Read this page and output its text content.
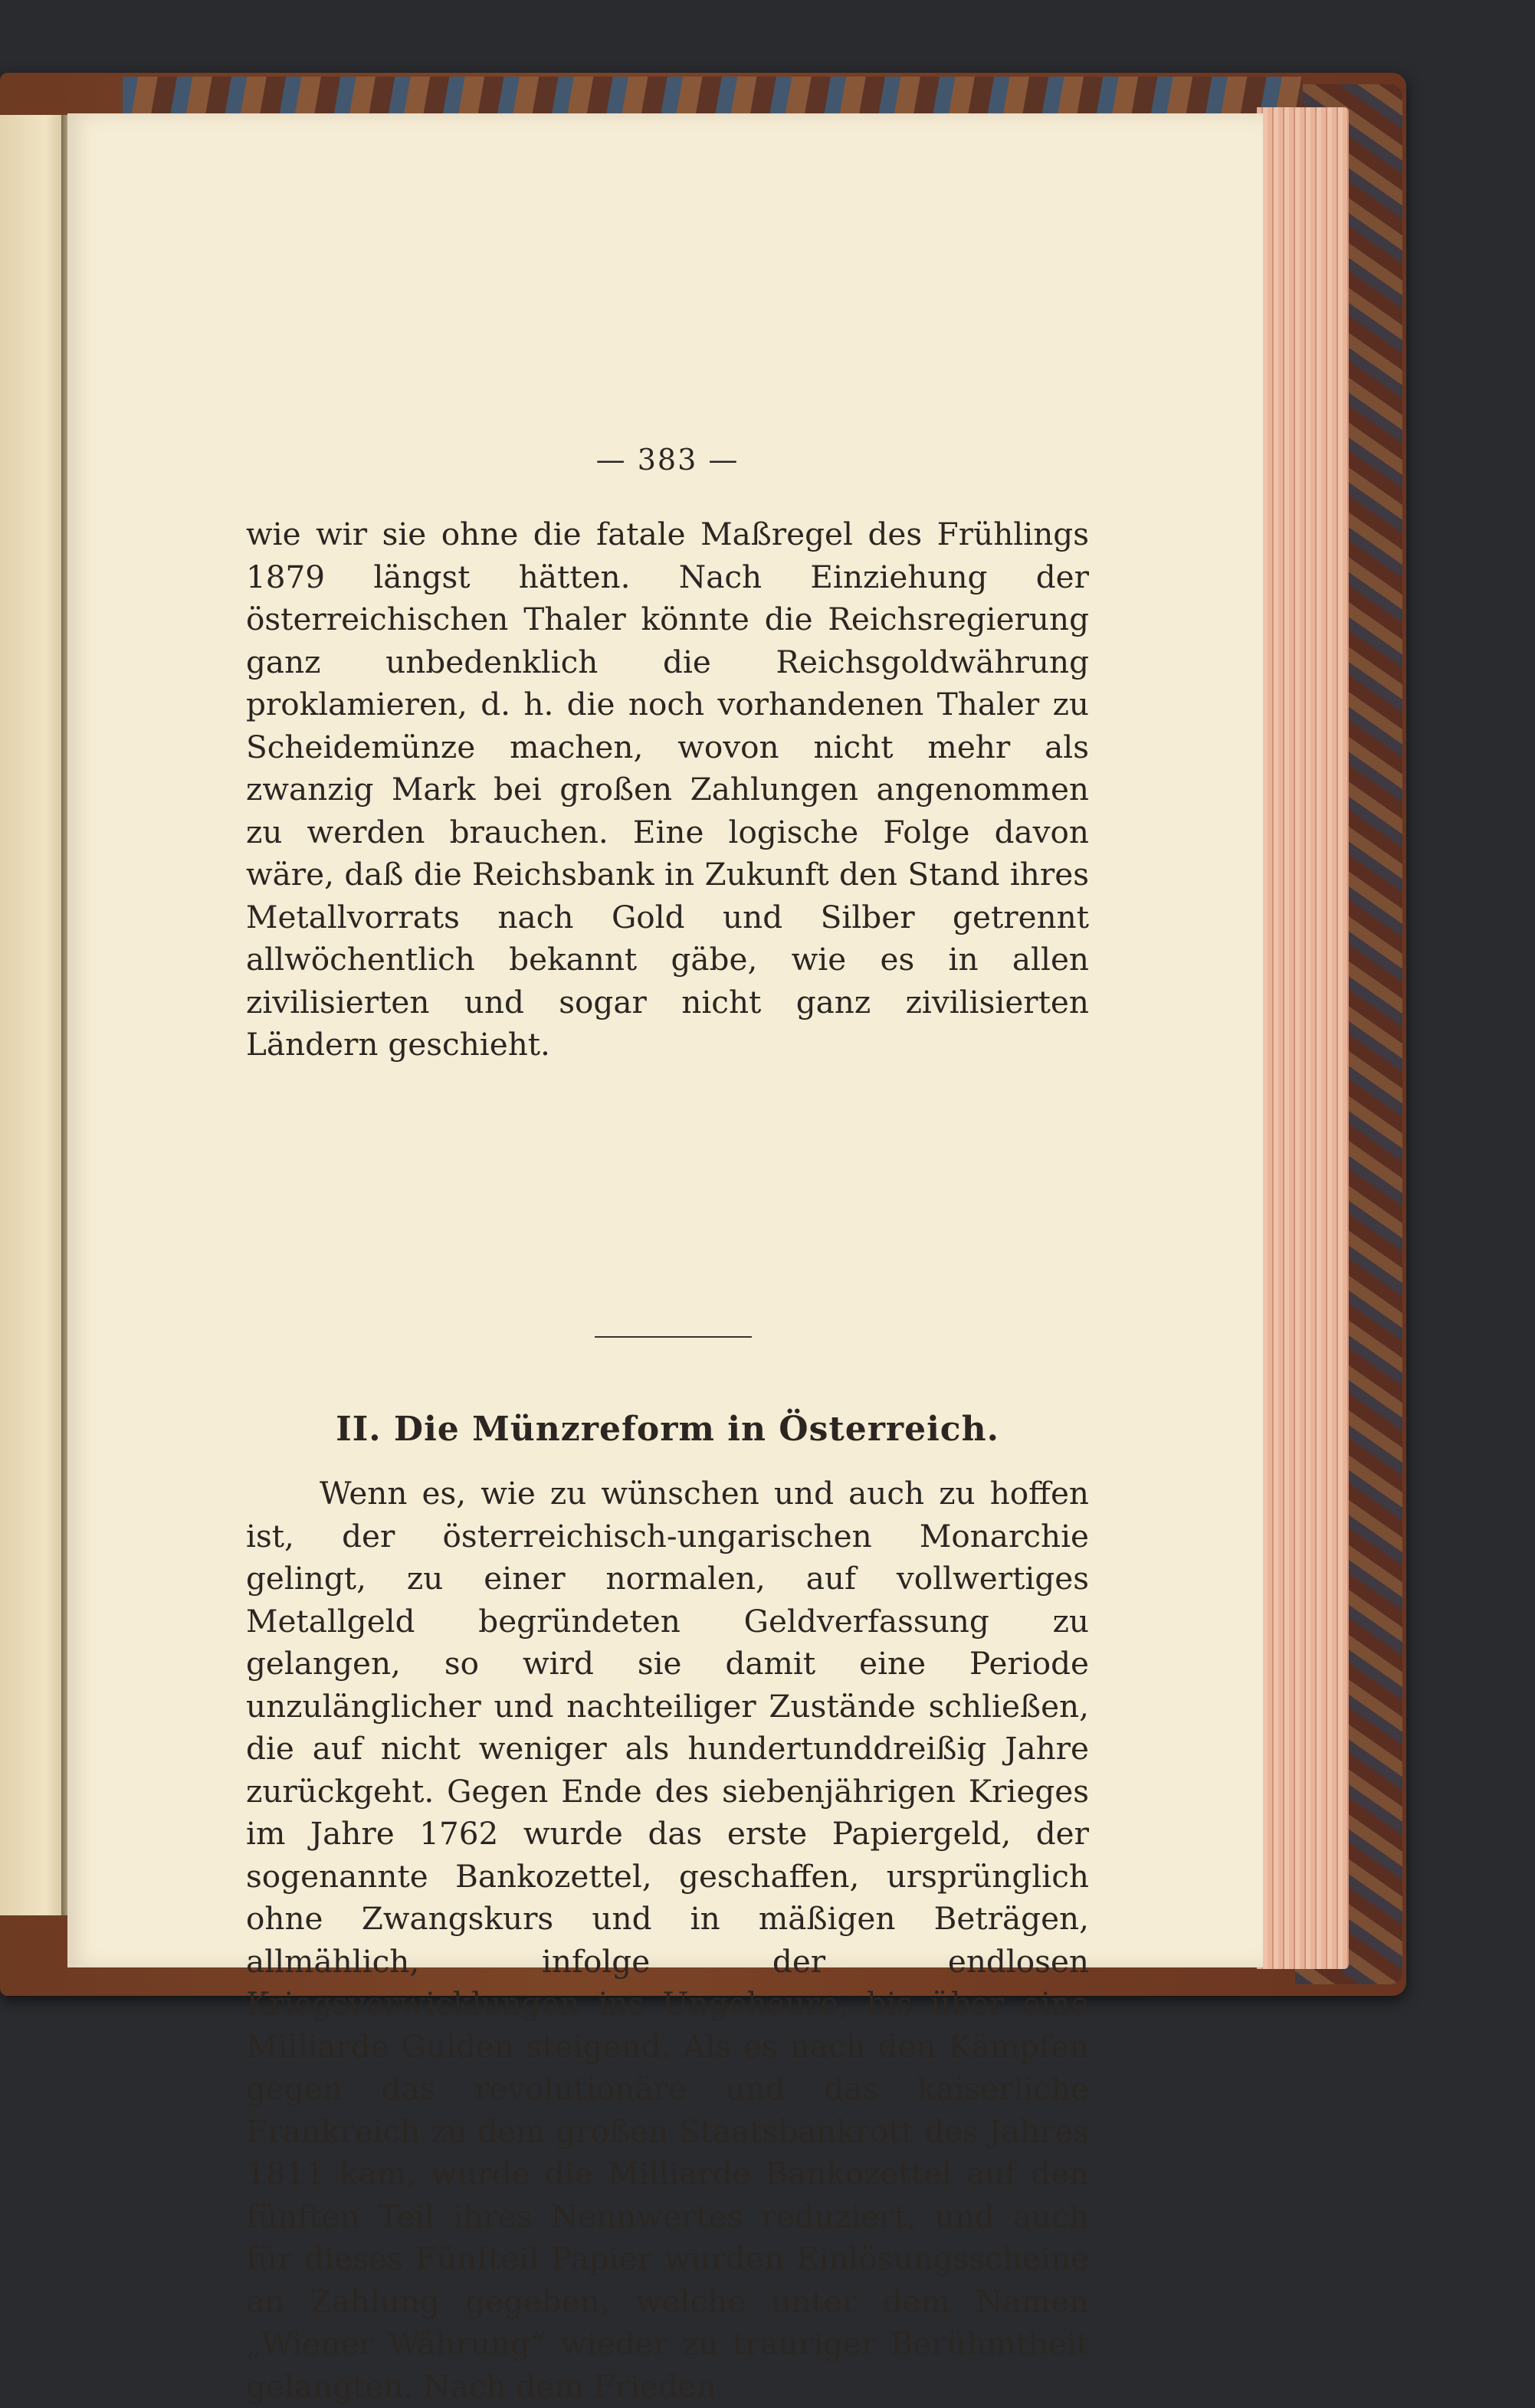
— 383 —

wie wir sie ohne die fatale Maßregel des Frühlings 1879 längst hätten. Nach Einziehung der österreichischen Thaler könnte die Reichsregierung ganz unbedenklich die Reichsgoldwährung proklamieren, d. h. die noch vorhandenen Thaler zu Scheidemünze machen, wovon nicht mehr als zwanzig Mark bei großen Zahlungen angenommen zu werden brauchen. Eine logische Folge davon wäre, daß die Reichsbank in Zukunft den Stand ihres Metallvorrats nach Gold und Silber getrennt allwöchentlich bekannt gäbe, wie es in allen zivilisierten und sogar nicht ganz zivilisierten Ländern geschieht.

II. Die Münzreform in Österreich.

Wenn es, wie zu wünschen und auch zu hoffen ist, der österreichisch-ungarischen Monarchie gelingt, zu einer normalen, auf vollwertiges Metallgeld begründeten Geldverfassung zu gelangen, so wird sie damit eine Periode unzulänglicher und nachteiliger Zustände schließen, die auf nicht weniger als hundertunddreißig Jahre zurückgeht. Gegen Ende des siebenjährigen Krieges im Jahre 1762 wurde das erste Papiergeld, der sogenannte Bankozettel, geschaffen, ursprünglich ohne Zwangskurs und in mäßigen Beträgen, allmählich, infolge der endlosen Kriegsverwicklungen ins Ungeheure, bis über eine Milliarde Gulden steigend. Als es nach den Kämpfen gegen das revolutionäre und das kaiserliche Frankreich zu dem großen Staatsbankrott des Jahres 1811 kam, wurde die Milliarde Bankozettel auf den fünften Teil ihres Nennwertes reduziert, und auch für dieses Fünfteil Papier wurden Einlösungsscheine an Zahlung gegeben, welche unter dem Namen „Wiener Währung“ wieder zu trauriger Berühmtheit gelangten. Nach dem Frieden
